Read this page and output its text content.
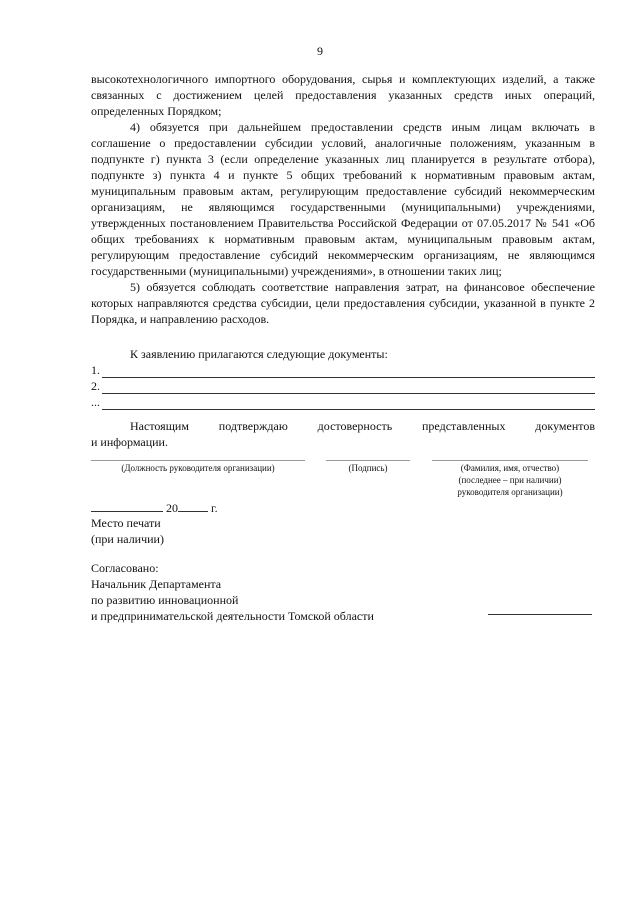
9

высокотехнологичного импортного оборудования, сырья и комплектующих изделий, а также связанных с достижением целей предоставления указанных средств иных операций, определенных Порядком;

4) обязуется при дальнейшем предоставлении средств иным лицам включать в соглашение о предоставлении субсидии условий, аналогичные положениям, указанным в подпункте г) пункта 3 (если определение указанных лиц планируется в результате отбора), подпункте з) пункта 4 и пункте 5 общих требований к нормативным правовым актам, муниципальным правовым актам, регулирующим предоставление субсидий некоммерческим организациям, не являющимся государственными (муниципальными) учреждениями, утвержденных постановлением Правительства Российской Федерации от 07.05.2017 № 541 «Об общих требованиях к нормативным правовым актам, муниципальным правовым актам, регулирующим предоставление субсидий некоммерческим организациям, не являющимся государственными (муниципальными) учреждениями», в отношении таких лиц;

5) обязуется соблюдать соответствие направления затрат, на финансовое обеспечение которых направляются средства субсидии, цели предоставления субсидии, указанной в пункте 2 Порядка, и направлению расходов.

К заявлению прилагаются следующие документы:
1.
2.
...
Настоящим подтверждаю достоверность представленных документов
и информации.
(Должность руководителя организации)	(Подпись)	(Фамилия, имя, отчество)
(последнее – при наличии)
руководителя организации)
20	г.
Место печати
(при наличии)
Согласовано:
Начальник Департамента
по развитию инновационной
и предпринимательской деятельности Томской области
